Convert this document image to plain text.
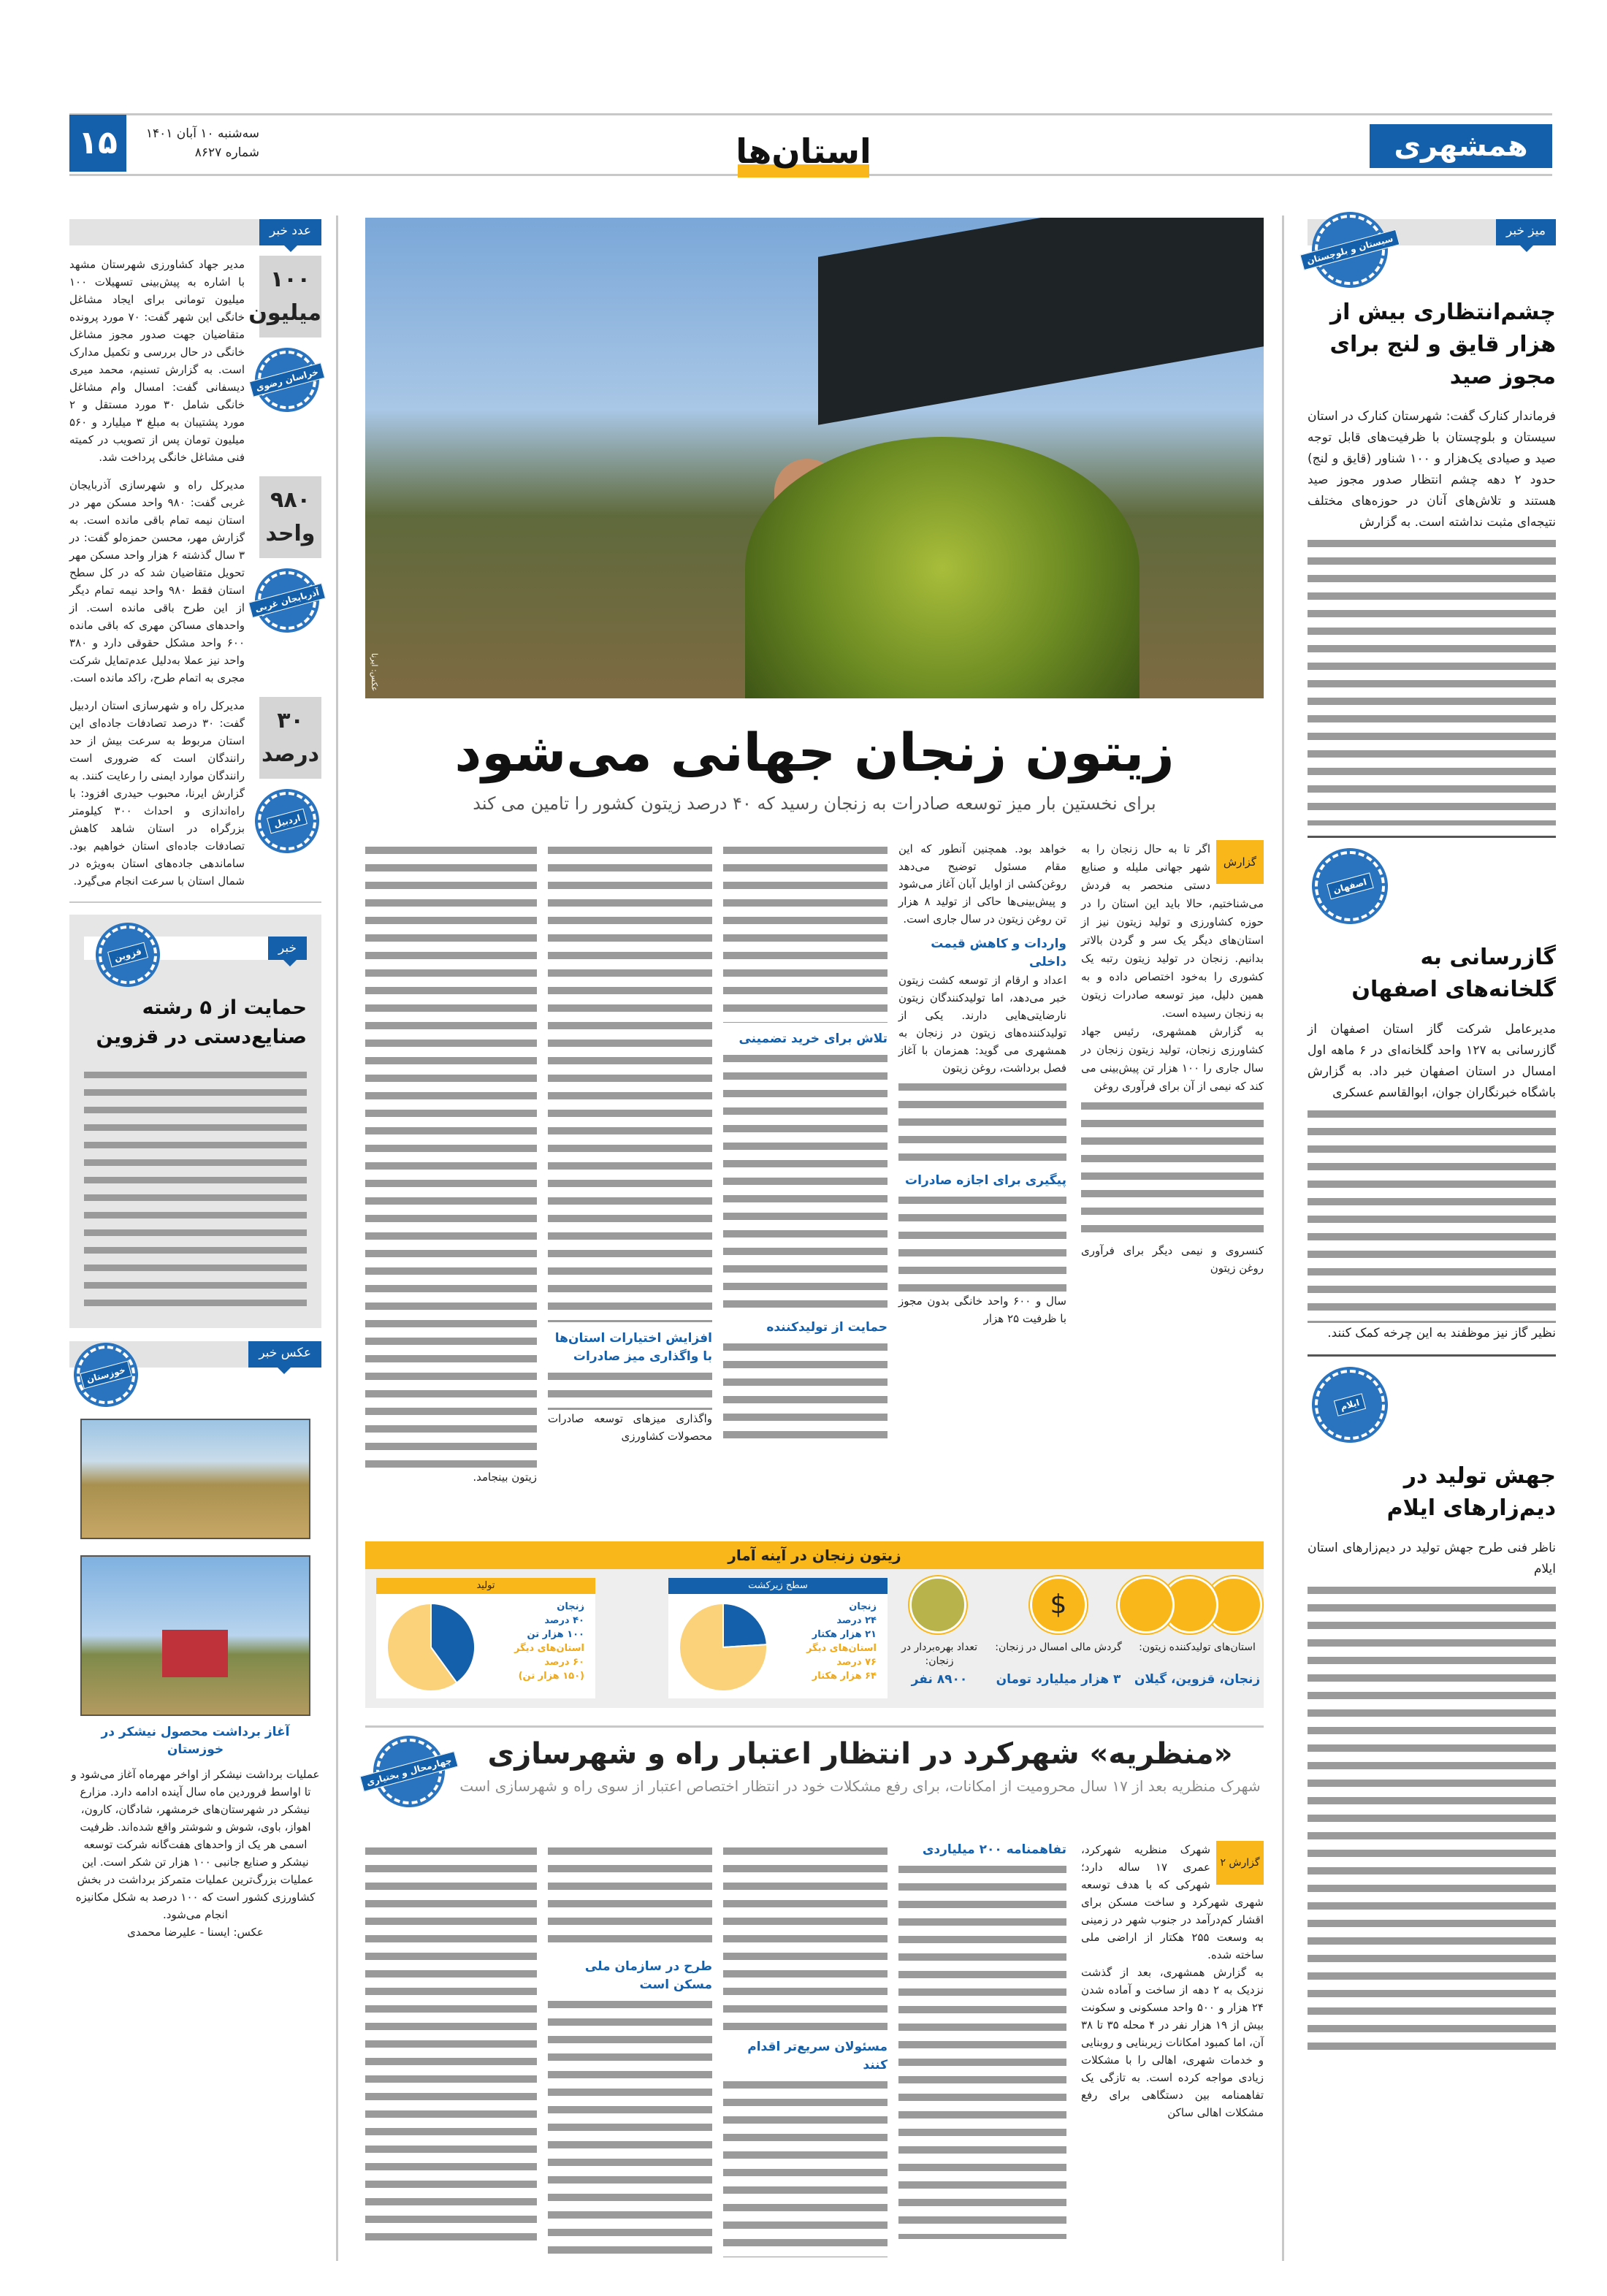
همشهری
استان‌ها
۱۵	سه‌شنبه ۱۰ آبان ۱۴۰۱
شماره ۸۶۲۷
میز خبر
سیستان و بلوچستان
چشم‌انتظاری بیش از هزار قایق و لنج برای مجوز صید

فرماندار کنارک گفت: شهرستان کنارک در استان سیستان و بلوچستان با ظرفیت‌های قابل توجه صید و صیادی یک‌هزار و ۱۰۰ شناور (قایق و لنج) حدود ۲ دهه چشم انتظار صدور مجوز صید هستند و تلاش‌های آنان در حوزه‌های مختلف نتیجه‌ای مثبت نداشته است. به گزارش

اصفهان
گازرسانی به گلخانه‌های اصفهان

مدیرعامل شرکت گاز استان اصفهان از گازرسانی به ۱۲۷ واحد گلخانه‌ای در ۶ ماهه اول امسال در استان اصفهان خبر داد. به گزارش باشگاه خبرنگاران جوان، ابوالقاسم عسکری

نظیر گاز نیز موظفند به این چرخه کمک کنند.

ایلام
جهش تولید در دیم‌زارهای ایلام

ناظر فنی طرح جهش تولید در دیم‌زارهای استان ایلام

عدد خبر
۱۰۰ میلیون
خراسان رضوی

مدیر جهاد کشاورزی شهرستان مشهد با اشاره به پیش‌بینی تسهیلات ۱۰۰ میلیون تومانی برای ایجاد مشاغل خانگی این شهر گفت: ۷۰ مورد پرونده متقاضیان جهت صدور مجوز مشاغل خانگی در حال بررسی و تکمیل مدارک است. به گزارش تسنیم، محمد میری دیسفانی گفت: امسال وام مشاغل خانگی شامل ۳۰ مورد مستقل و ۲ مورد پشتیبان به مبلغ ۳ میلیارد و ۵۶۰ میلیون تومان پس از تصویب در کمیته فنی مشاغل خانگی پرداخت شد.

۹۸۰ واحد
آذربایجان غربی

مدیرکل راه و شهرسازی آذربایجان غربی گفت: ۹۸۰ واحد مسکن مهر در استان نیمه تمام باقی مانده است. به گزارش مهر، محسن حمزه‌لو گفت: در ۳ سال گذشته ۶ هزار واحد مسکن مهر تحویل متقاضیان شد که در کل سطح استان فقط ۹۸۰ واحد نیمه تمام دیگر از این طرح باقی مانده است. از واحدهای مساکن مهری که باقی مانده ۶۰۰ واحد مشکل حقوقی دارد و ۳۸۰ واحد نیز عملا به‌دلیل عدم‌تمایل شرکت مجری به اتمام طرح، راکد مانده است.

۳۰ درصد
اردبیل

مدیرکل راه و شهرسازی استان اردبیل گفت: ۳۰ درصد تصادفات جاده‌ای این استان مربوط به سرعت بیش از حد رانندگان است که ضروری است رانندگان موارد ایمنی را رعایت کنند. به گزارش ایرنا، محبوب حیدری افزود: با راه‌اندازی و احداث ۳۰۰ کیلومتر بزرگراه در استان شاهد کاهش تصادفات جاده‌ای استان خواهیم بود. ساماندهی جاده‌های استان به‌ویژه در شمال استان با سرعت انجام می‌گیرد.

خبر
قزوین
حمایت از ۵ رشته صنایع‌دستی در قزوین
عکس خبر
خوزستان
آغاز برداشت محصول نیشکر در خوزستان

عملیات برداشت نیشکر از اواخر مهرماه آغاز می‌شود و تا اواسط فروردین ماه سال آینده ادامه دارد. مزارع نیشکر در شهرستان‌های خرمشهر، شادگان، کارون، اهواز، باوی، شوش و شوشتر واقع شده‌اند. ظرفیت اسمی هر یک از واحدهای هفت‌گانه شرکت توسعه نیشکر و صنایع جانبی ۱۰۰ هزار تن شکر است. این عملیات بزرگ‌ترین عملیات متمرکز برداشت در بخش کشاورزی کشور است که ۱۰۰ درصد به شکل مکانیزه انجام می‌شود.

عکس: ایسنا - علیرضا محمدی

عکس: ایرنا
زیتون زنجان جهانی می‌شود
برای نخستین بار میز توسعه صادرات به زنجان رسید که ۴۰ درصد زیتون کشور را تامین می کند
گزارش

اگر تا به حال زنجان را به شهر جهانی ملیله و صنایع دستی منحصر به فردش می‌شناختیم، حالا باید این استان را در حوزه کشاورزی و تولید زیتون نیز از استان‌های دیگر یک سر و گردن بالاتر بدانیم. زنجان در تولید زیتون رتبه یک کشوری را به‌خود اختصاص داده و به همین دلیل، میز توسعه صادرات زیتون به زنجان رسیده است.

به گزارش همشهری، رئیس جهاد کشاورزی زنجان، تولید زیتون زنجان در سال جاری را ۱۰۰ هزار تن پیش‌بینی می کند که نیمی از آن برای فرآوری روغن

کنسروی و نیمی دیگر برای فرآوری روغن زیتون

خواهد بود. همچنین آنطور که این مقام مسئول توضیح می‌دهد روغن‌کشی از اوایل آبان آغاز می‌شود و پیش‌بینی‌ها حاکی از تولید ۸ هزار تن روغن زیتون در سال جاری است.

واردات و کاهش قیمت داخلی

اعداد و ارقام از توسعه کشت زیتون خبر می‌دهد، اما تولیدکنندگان زیتون نارضایتی‌هایی دارند. یکی از تولیدکننده‌های زیتون در زنجان به همشهری می گوید: همزمان با آغاز فصل برداشت، روغن زیتون

پیگیری برای اجازه صادرات

سال و ۶۰۰ واحد خانگی بدون مجوز با ظرفیت ۲۵ هزار

تلاش برای خرید تضمینی
حمایت از تولیدکننده
افزایش اختیارات استان‌ها با واگذاری میز صادرات

واگذاری میزهای توسعه صادرات محصولات کشاورزی

زیتون بینجامد.

زیتون زنجان در آینه آمار
استان‌های تولیدکننده زیتون:
زنجان، قزوین، گیلان
$
گردش مالی امسال در زنجان:
۳ هزار میلیارد تومان
تعداد بهره‌بردار در زنجان:
۸۹۰۰ نفر
سطح زیرکشت
زنجان
۲۴ درصد
۲۱ هزار هکتار
استان‌های دیگر
۷۶ درصد
۶۴ هزار هکتار
تولید
زنجان
۴۰ درصد
۱۰۰ هزار تن
استان‌های دیگر
۶۰ درصد
(۱۵۰ هزار تن)
چهارمحال و بختیاری
«منظریه» شهرکرد در انتظار اعتبار راه و شهرسازی
شهرک منظریه بعد از ۱۷ سال محرومیت از امکانات، برای رفع مشکلات خود در انتظار اختصاص اعتبار از سوی راه و شهرسازی است
گزارش ۲

شهرک منظریه شهرکرد، عمری ۱۷ ساله دارد؛ شهرکی که با هدف توسعه شهری شهرکرد و ساخت مسکن برای اقشار کم‌درآمد در جنوب شهر در زمینی به وسعت ۲۵۵ هکتار از اراضی ملی ساخته شده.

به گزارش همشهری، بعد از گذشت نزدیک به ۲ دهه از ساخت و آماده شدن ۲۴ هزار و ۵۰۰ واحد مسکونی و سکونت بیش از ۱۹ هزار نفر در ۴ محله ۳۵ تا ۳۸ آن، اما کمبود امکانات زیربنایی و روبنایی و خدمات شهری، اهالی را با مشکلات زیادی مواجه کرده است. به تازگی یک تفاهمنامه بین دستگاهی برای رفع مشکلات اهالی ساکن

تفاهمنامه ۲۰۰ میلیاردی
مسئولان سریع‌تر اقدام کنند
طرح در سازمان ملی مسکن است
